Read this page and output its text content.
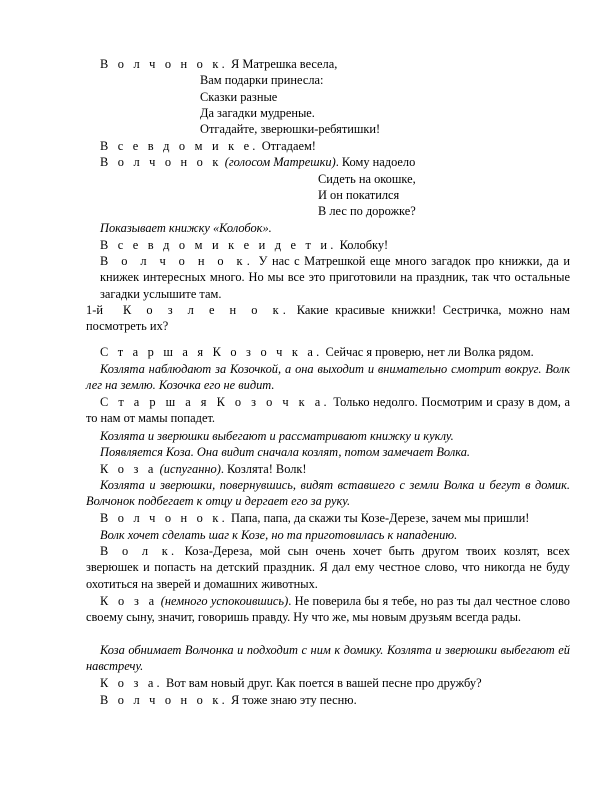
В о л ч о н о к. Я Матрешка весела,
Вам подарки принесла:
Сказки разные
Да загадки мудреные.
Отгадайте, зверюшки-ребятишки!
В с е в д о м и к е. Отгадаем!
В о л ч о н о к (голосом Матрешки). Кому надоело
Сидеть на окошке,
И он покатился
В лес по дорожке?
Показывает книжку «Колобок».
В с е в д о м и к е и д е т и. Колобку!

В о л ч о н о к. У нас с Матрешкой еще много загадок про книжки, да и книжек интересных много. Но мы все это приготовили на праздник, так что остальные загадки услышите там.

1-й К о з л е н о к. Какие красивые книжки! Сестричка, можно нам посмотреть их?

С т а р ш а я К о з о ч к а. Сейчас я проверю, нет ли Волка рядом.

Козлята наблюдают за Козочкой, а она выходит и внимательно смотрит вокруг. Волк лег на землю. Козочка его не видит.

С т а р ш а я К о з о ч к а. Только недолго. Посмотрим и сразу в дом, а то нам от мамы попадет.

Козлята и зверюшки выбегают и рассматривают книжку и куклу.
Появляется Коза. Она видит сначала козлят, потом замечает Волка.
К о з а (испуганно). Козлята! Волк!

Козлята и зверюшки, повернувшись, видят вставшего с земли Волка и бегут в домик. Волчонок подбегает к отцу и дергает его за руку.

В о л ч о н о к. Папа, папа, да скажи ты Козе-Дерезе, зачем мы пришли!
Волк хочет сделать шаг к Козе, но та приготовилась к нападению.

В о л к. Коза-Дереза, мой сын очень хочет быть другом твоих козлят, всех зверюшек и попасть на детский праздник. Я дал ему честное слово, что никогда не буду охотиться на зверей и домашних животных.

К о з а (немного успокоившись). Не поверила бы я тебе, но раз ты дал честное слово своему сыну, значит, говоришь правду. Ну что же, мы новым друзьям всегда рады.

Коза обнимает Волчонка и подходит с ним к домику. Козлята и зверюшки выбегают ей навстречу.

К о з а. Вот вам новый друг. Как поется в вашей песне про дружбу?
В о л ч о н о к. Я тоже знаю эту песню.
